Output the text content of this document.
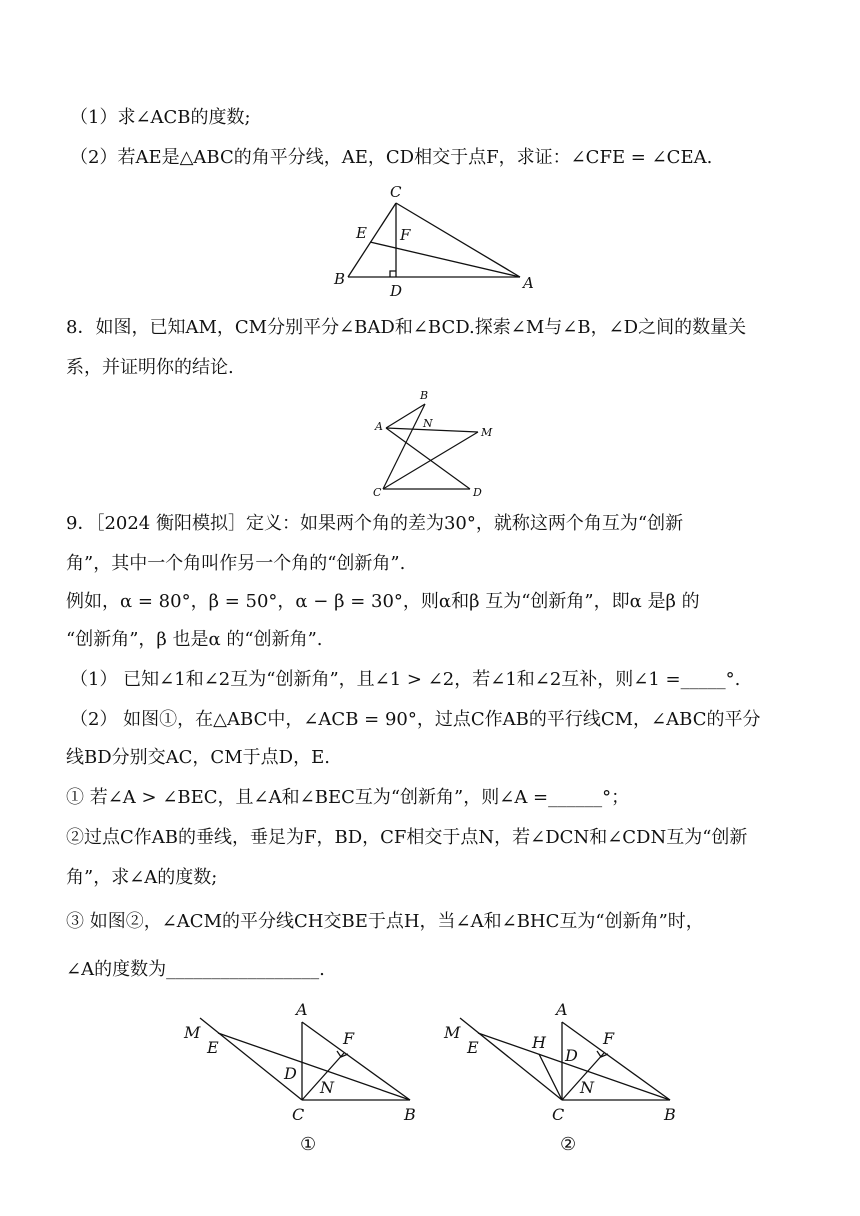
（1）求∠ACB的度数;
（2）若AE是△ABC的角平分线，AE，CD相交于点F，求证：∠CFE = ∠CEA.
C
E F
B
D	A
8．如图，已知AM，CM分别平分∠BAD和∠BCD.探索∠M与∠B，∠D之间的数量关
系，并证明你的结论.
B
A	N
M
C	D
9．［2024 衡阳模拟］定义：如果两个角的差为30°，就称这两个角互为“创新
角”，其中一个角叫作另一个角的“创新角”.
例如，α = 80°，β = 50°，α − β = 30°，则α和β 互为“创新角”，即α 是β 的
“创新角”，β 也是α 的“创新角”.
（1） 已知∠1和∠2互为“创新角”，且∠1 > ∠2，若∠1和∠2互补，则∠1 =_____°.
（2） 如图①，在△ABC中，∠ACB = 90°，过点C作AB的平行线CM，∠ABC的平分
线BD分别交AC，CM于点D，E.
① 若∠A > ∠BEC，且∠A和∠BEC互为“创新角”，则∠A =______°；
②过点C作AB的垂线，垂足为F，BD，CF相交于点N，若∠DCN和∠CDN互为“创新
角”，求∠A的度数;
③ 如图②，∠ACM的平分线CH交BE于点H，当∠A和∠BHC互为“创新角”时，
∠A的度数为_________________.
M
E
A
F
D
N
C	B
①
M
E	H
A
F
D
N
C	B
②
